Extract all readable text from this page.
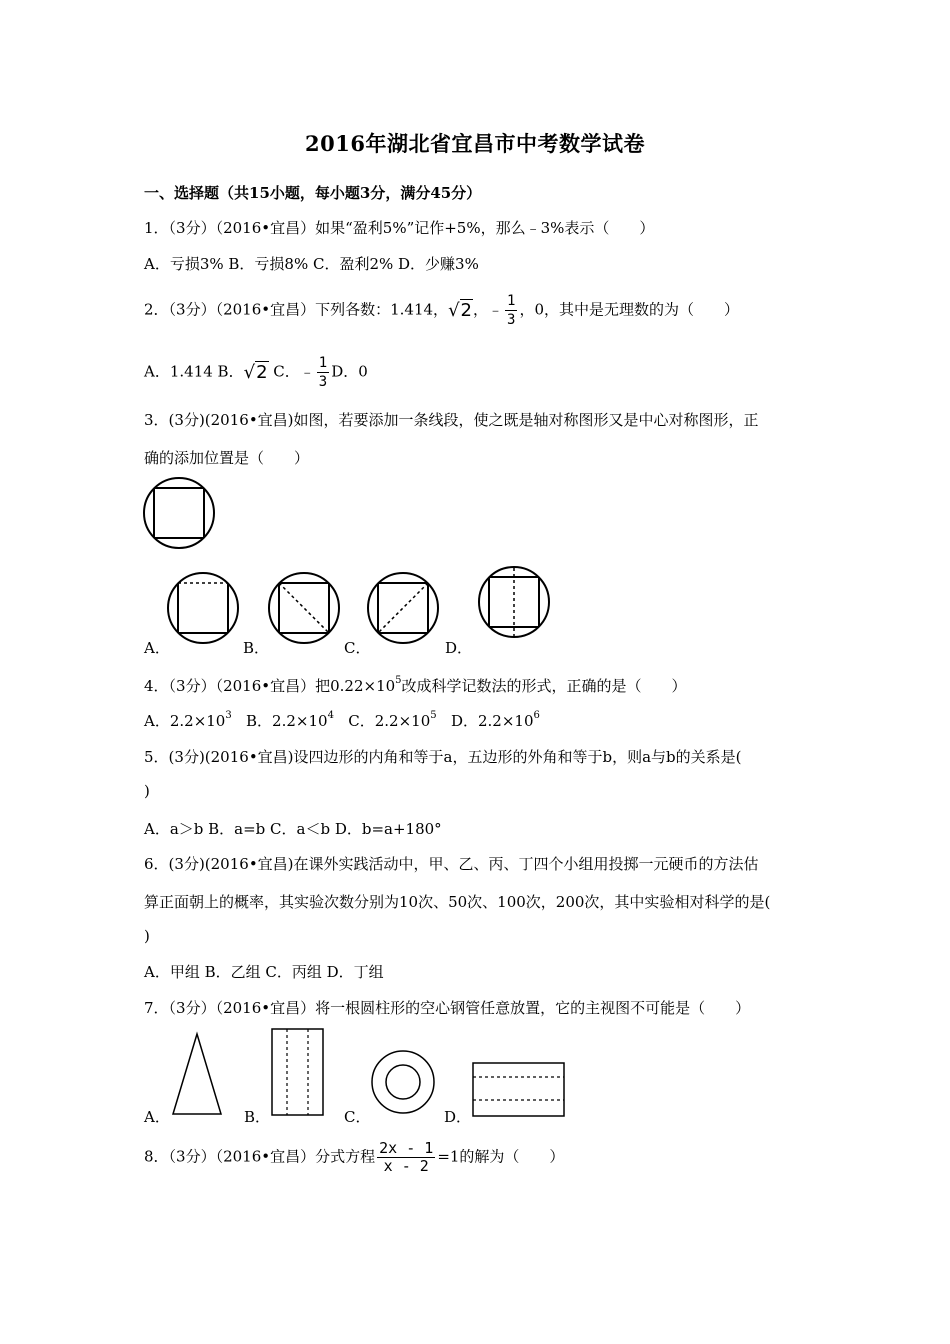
2016年湖北省宜昌市中考数学试卷
一、选择题（共15小题，每小题3分，满分45分）
1．（3分）（2016•宜昌）如果“盈利5%”记作+5%，那么﹣3%表示（　　）
A．亏损3% B．亏损8% C．盈利2% D．少赚3%
2．（3分）（2016•宜昌）下列各数：1.414，√2，﹣ $\frac{1}{3}$ ，0，其中是无理数的为（　　）
A．1.414 B．√2 C．﹣ $\frac{1}{3}$ D．0
3．(3分)(2016•宜昌)如图，若要添加一条线段，使之既是轴对称图形又是中心对称图形，正
确的添加位置是（　　）
A．	B．	C．	D．
4．（3分）（2016•宜昌）把$0.22\times 10^5$改成科学记数法的形式，正确的是（　　）
A．$2.2\times 10^3$ B．$2.2\times 10^4$ C．$2.2\times 10^5$ D．$2.2\times 10^6$
5．(3分)(2016•宜昌)设四边形的内角和等于a，五边形的外角和等于b，则a与b的关系是(
)
A．a＞b B．a=b C．a＜b D．b=a+180°
6．(3分)(2016•宜昌)在课外实践活动中，甲、乙、丙、丁四个小组用投掷一元硬币的方法估
算正面朝上的概率，其实验次数分别为10次、50次、100次，200次，其中实验相对科学的是(
)
A．甲组 B．乙组 C．丙组 D．丁组
7．（3分）（2016•宜昌）将一根圆柱形的空心钢管任意放置，它的主视图不可能是（　　）
A．	B．	C．	D．
8．（3分）（2016•宜昌）分式方程 $\frac{2x - 1}{x - 2} =1$的解为（　　）
